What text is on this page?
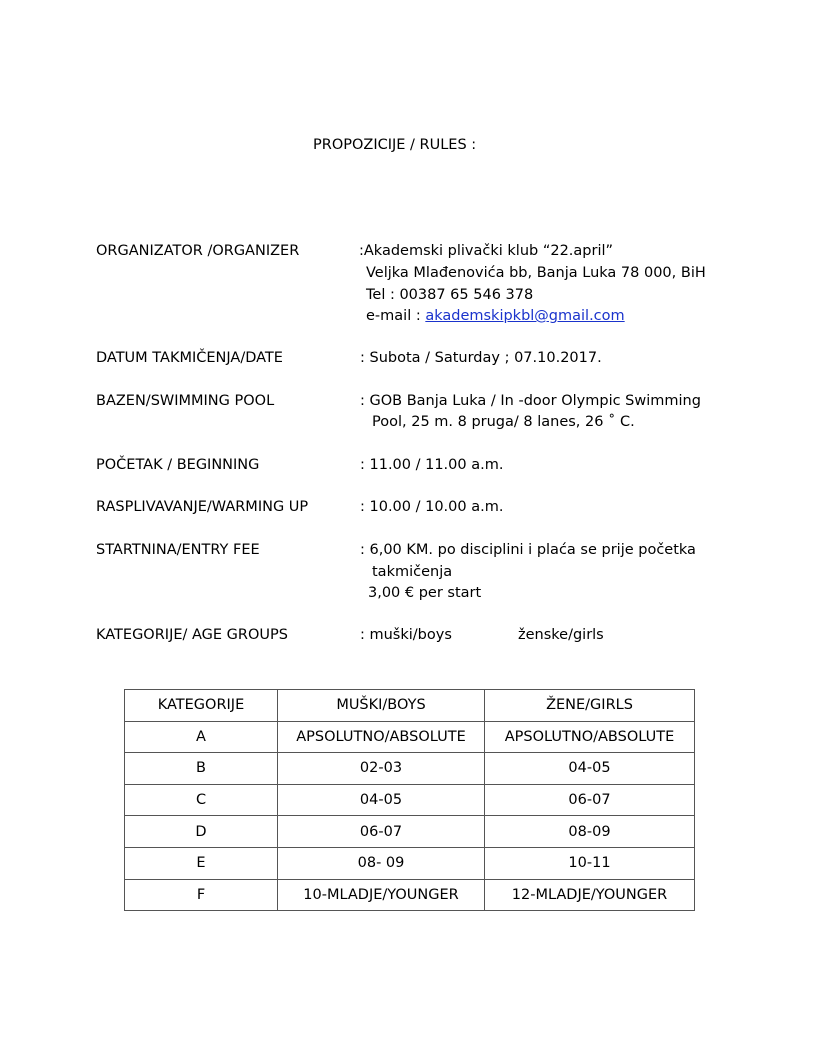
PROPOZICIJE / RULES :
ORGANIZATOR /ORGANIZER	:Akademski plivački klub “22.april”
Veljka Mlađenovića bb, Banja Luka 78 000, BiH
Tel : 00387 65 546 378
e-mail : akademskipkbl@gmail.com
DATUM TAKMIČENJA/DATE	: Subota / Saturday ; 07.10.2017.
BAZEN/SWIMMING POOL	: GOB Banja Luka / In -door Olympic Swimming
Pool, 25 m. 8 pruga/ 8 lanes, 26 ˚ C.
POČETAK / BEGINNING	: 11.00 / 11.00 a.m.
RASPLIVAVANJE/WARMING UP	: 10.00 / 10.00 a.m.
STARTNINA/ENTRY FEE	: 6,00 KM. po disciplini i plaća se prije početka
takmičenja
3,00 € per start
KATEGORIJE/ AGE GROUPS	: muški/boys	ženske/girls
KATEGORIJE	MUŠKI/BOYS	ŽENE/GIRLS
A	APSOLUTNO/ABSOLUTE	APSOLUTNO/ABSOLUTE
B	02-03	04-05
C	04-05	06-07
D	06-07	08-09
E	08- 09	10-11
F	10-MLADJE/YOUNGER	12-MLADJE/YOUNGER
